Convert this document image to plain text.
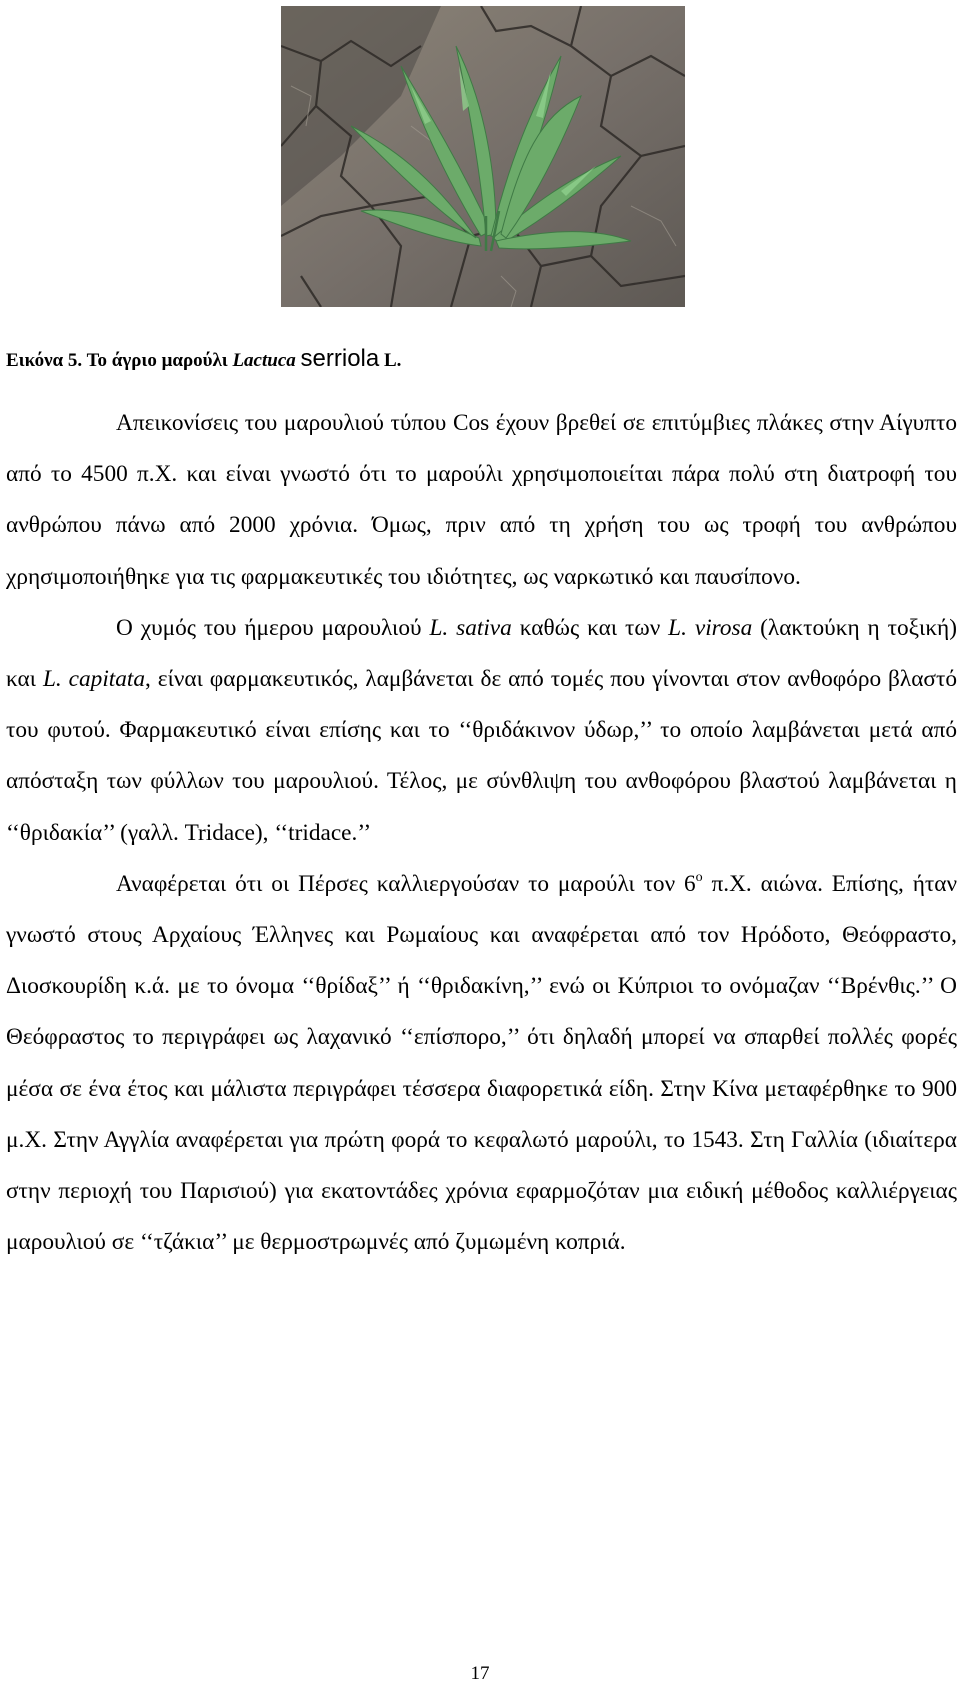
Εικόνα 5. Το άγριο μαρούλι Lactuca serriola L.

Απεικονίσεις του μαρουλιού τύπου Cos έχουν βρεθεί σε επιτύμβιες πλάκες στην Αίγυπτο από το 4500 π.Χ. και είναι γνωστό ότι το μαρούλι χρησιμοποιείται πάρα πολύ στη διατροφή του ανθρώπου πάνω από 2000 χρόνια. Όμως, πριν από τη χρήση του ως τροφή του ανθρώπου χρησιμοποιήθηκε για τις φαρμακευτικές του ιδιότητες, ως ναρκωτικό και παυσίπονο.

Ο χυμός του ήμερου μαρουλιού L. sativa καθώς και των L. virosa (λακτούκη η τοξική) και L. capitata, είναι φαρμακευτικός, λαμβάνεται δε από τομές που γίνονται στον ανθοφόρο βλαστό του φυτού. Φαρμακευτικό είναι επίσης και το ‘‘θριδάκινον ύδωρ,’’ το οποίο λαμβάνεται μετά από απόσταξη των φύλλων του μαρουλιού. Τέλος, με σύνθλιψη του ανθοφόρου βλαστού λαμβάνεται η ‘‘θριδακία’’ (γαλλ. Tridace), ‘‘tridace.’’

Αναφέρεται ότι οι Πέρσες καλλιεργούσαν το μαρούλι τον $6^o$ π.Χ. αιώνα. Επίσης, ήταν γνωστό στους Αρχαίους Έλληνες και Ρωμαίους και αναφέρεται από τον Ηρόδοτο, Θεόφραστο, Διοσκουρίδη κ.ά. με το όνομα ‘‘θρίδαξ’’ ή ‘‘θριδακίνη,’’ ενώ οι Κύπριοι το ονόμαζαν ‘‘Βρένθις.’’ Ο Θεόφραστος το περιγράφει ως λαχανικό ‘‘επίσπορο,’’ ότι δηλαδή μπορεί να σπαρθεί πολλές φορές μέσα σε ένα έτος και μάλιστα περιγράφει τέσσερα διαφορετικά είδη. Στην Κίνα μεταφέρθηκε το 900 μ.Χ. Στην Αγγλία αναφέρεται για πρώτη φορά το κεφαλωτό μαρούλι, το 1543. Στη Γαλλία (ιδιαίτερα στην περιοχή του Παρισιού) για εκατοντάδες χρόνια εφαρμοζόταν μια ειδική μέθοδος καλλιέργειας μαρουλιού σε ‘‘τζάκια’’ με θερμοστρωμνές από ζυμωμένη κοπριά.

17
